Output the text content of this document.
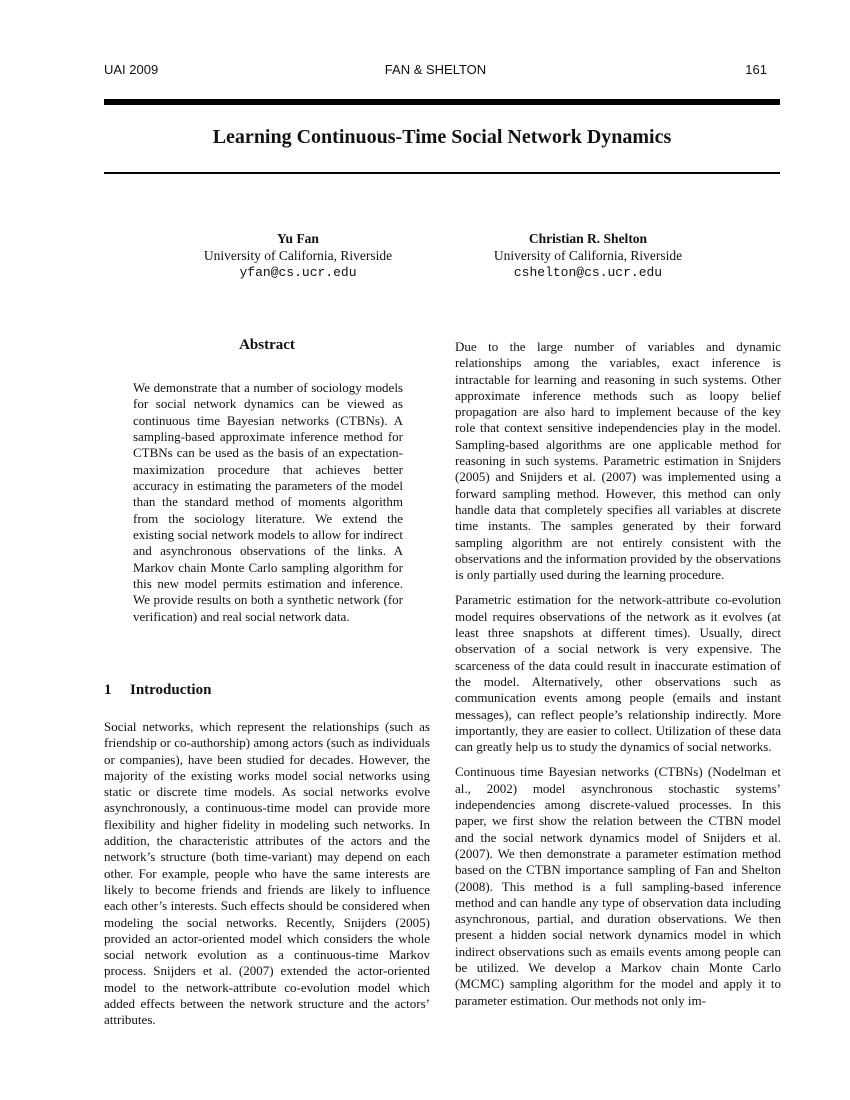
UAI 2009	FAN & SHELTON	161
Learning Continuous-Time Social Network Dynamics
Yu Fan
University of California, Riverside
yfan@cs.ucr.edu
Christian R. Shelton
University of California, Riverside
cshelton@cs.ucr.edu
Abstract

We demonstrate that a number of sociology models for social network dynamics can be viewed as continuous time Bayesian networks (CTBNs). A sampling-based approximate inference method for CTBNs can be used as the basis of an expectation-maximization procedure that achieves better accuracy in estimating the parameters of the model than the standard method of moments algorithm from the sociology literature. We extend the existing social network models to allow for indirect and asynchronous observations of the links. A Markov chain Monte Carlo sampling algorithm for this new model permits estimation and inference. We provide results on both a synthetic network (for verification) and real social network data.

1 Introduction

Social networks, which represent the relationships (such as friendship or co-authorship) among actors (such as individuals or companies), have been studied for decades. However, the majority of the existing works model social networks using static or discrete time models. As social networks evolve asynchronously, a continuous-time model can provide more flexibility and higher fidelity in modeling such networks. In addition, the characteristic attributes of the actors and the network’s structure (both time-variant) may depend on each other. For example, people who have the same interests are likely to become friends and friends are likely to influence each other’s interests. Such effects should be considered when modeling the social networks. Recently, Snijders (2005) provided an actor-oriented model which considers the whole social network evolution as a continuous-time Markov process. Snijders et al. (2007) extended the actor-oriented model to the network-attribute co-evolution model which added effects between the network structure and the actors’ attributes.

Due to the large number of variables and dynamic relationships among the variables, exact inference is intractable for learning and reasoning in such systems. Other approximate inference methods such as loopy belief propagation are also hard to implement because of the key role that context sensitive independencies play in the model. Sampling-based algorithms are one applicable method for reasoning in such systems. Parametric estimation in Snijders (2005) and Snijders et al. (2007) was implemented using a forward sampling method. However, this method can only handle data that completely specifies all variables at discrete time instants. The samples generated by their forward sampling algorithm are not entirely consistent with the observations and the information provided by the observations is only partially used during the learning procedure.

Parametric estimation for the network-attribute co-evolution model requires observations of the network as it evolves (at least three snapshots at different times). Usually, direct observation of a social network is very expensive. The scarceness of the data could result in inaccurate estimation of the model. Alternatively, other observations such as communication events among people (emails and instant messages), can reflect people’s relationship indirectly. More importantly, they are easier to collect. Utilization of these data can greatly help us to study the dynamics of social networks.

Continuous time Bayesian networks (CTBNs) (Nodelman et al., 2002) model asynchronous stochastic systems’ independencies among discrete-valued processes. In this paper, we first show the relation between the CTBN model and the social network dynamics model of Snijders et al. (2007). We then demonstrate a parameter estimation method based on the CTBN importance sampling of Fan and Shelton (2008). This method is a full sampling-based inference method and can handle any type of observation data including asynchronous, partial, and duration observations. We then present a hidden social network dynamics model in which indirect observations such as emails events among people can be utilized. We develop a Markov chain Monte Carlo (MCMC) sampling algorithm for the model and apply it to parameter estimation. Our methods not only im-
